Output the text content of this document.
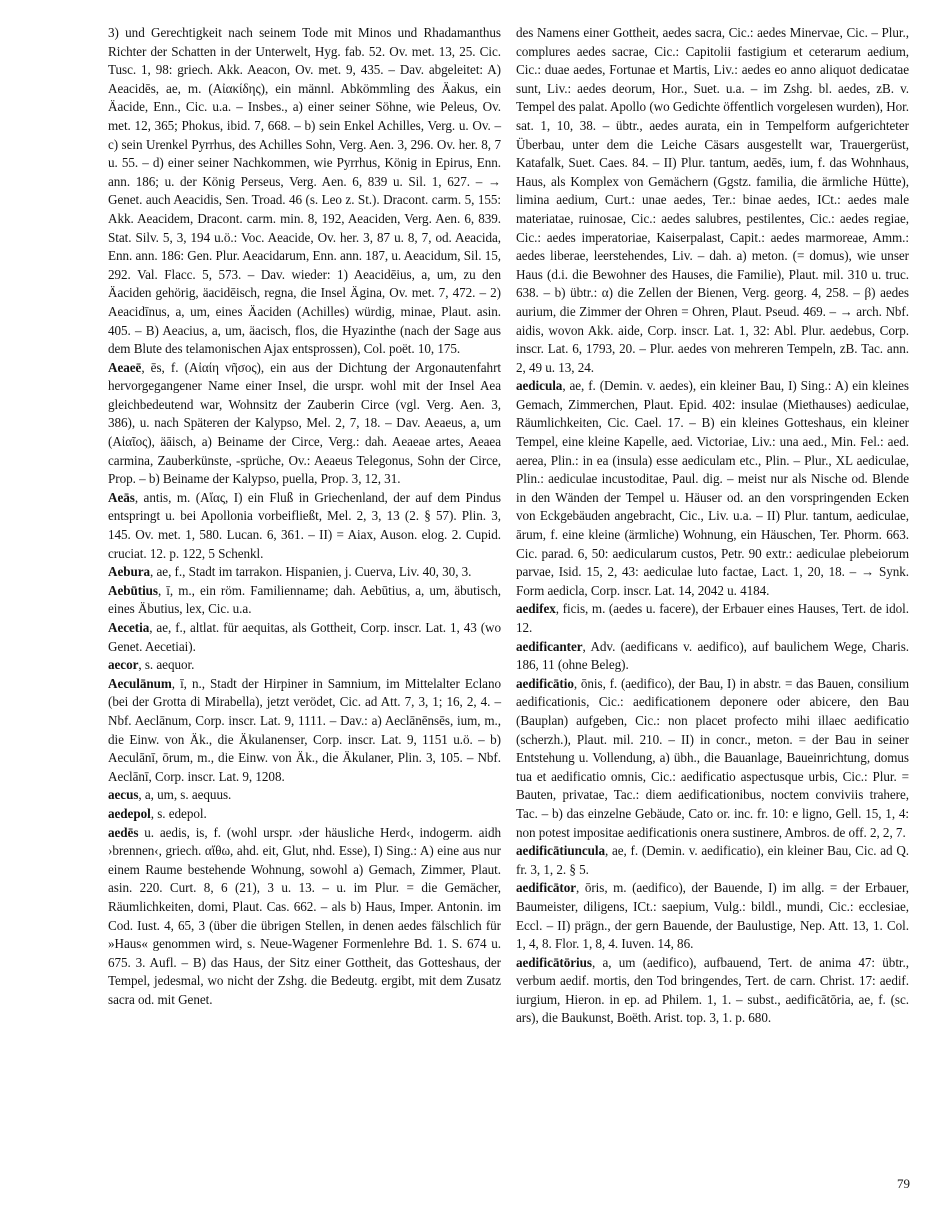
3) und Gerechtigkeit nach seinem Tode mit Minos und Rhadamanthus Richter der Schatten in der Unterwelt, Hyg. fab. 52. Ov. met. 13, 25. Cic. Tusc. 1, 98: griech. Akk. Aeacon, Ov. met. 9, 435. – Dav. abgeleitet: A) Aeacidēs, ae, m. (Αἰακίδης), ein männl. Abkömmling des Äakus, ein Äacide, Enn., Cic. u.a. – Insbes., a) einer seiner Söhne, wie Peleus, Ov. met. 12, 365; Phokus, ibid. 7, 668. – b) sein Enkel Achilles, Verg. u. Ov. – c) sein Urenkel Pyrrhus, des Achilles Sohn, Verg. Aen. 3, 296. Ov. her. 8, 7 u. 55. – d) einer seiner Nachkommen, wie Pyrrhus, König in Epirus, Enn. ann. 186; u. der König Perseus, Verg. Aen. 6, 839 u. Sil. 1, 627. – → Genet. auch Aeacidis, Sen. Troad. 46 (s. Leo z. St.). Dracont. carm. 5, 155: Akk. Aeacidem, Dracont. carm. min. 8, 192, Aeaciden, Verg. Aen. 6, 839. Stat. Silv. 5, 3, 194 u.ö.: Voc. Aeacide, Ov. her. 3, 87 u. 8, 7, od. Aeacida, Enn. ann. 186: Gen. Plur. Aeacidarum, Enn. ann. 187, u. Aeacidum, Sil. 15, 292. Val. Flacc. 5, 573. – Dav. wieder: 1) Aeacidēius, a, um, zu den Äaciden gehörig, äacidēisch, regna, die Insel Ägina, Ov. met. 7, 472. – 2) Aeacidīnus, a, um, eines Äaciden (Achilles) würdig, minae, Plaut. asin. 405. – B) Aeacius, a, um, äacisch, flos, die Hyazinthe (nach der Sage aus dem Blute des telamonischen Ajax entsprossen), Col. poët. 10, 175.

Aeaeē, ēs, f. (Αἰαίη νῆσος), ein aus der Dichtung der Argonautenfahrt hervorgegangener Name einer Insel, die urspr. wohl mit der Insel Aea gleichbedeutend war, Wohnsitz der Zauberin Circe (vgl. Verg. Aen. 3, 386), u. nach Späteren der Kalypso, Mel. 2, 7, 18. – Dav. Aeaeus, a, um (Αἰαῖος), äāisch, a) Beiname der Circe, Verg.: dah. Aeaeae artes, Aeaea carmina, Zauberkünste, -sprüche, Ov.: Aeaeus Telegonus, Sohn der Circe, Prop. – b) Beiname der Kalypso, puella, Prop. 3, 12, 31.

Aeās, antis, m. (Αἴας, I) ein Fluß in Griechenland, der auf dem Pindus entspringt u. bei Apollonia vorbeifließt, Mel. 2, 3, 13 (2. § 57). Plin. 3, 145. Ov. met. 1, 580. Lucan. 6, 361. – II) = Aiax, Auson. elog. 2. Cupid. cruciat. 12. p. 122, 5 Schenkl.

Aebura, ae, f., Stadt im tarrakon. Hispanien, j. Cuerva, Liv. 40, 30, 3.

Aebūtius, ī, m., ein röm. Familienname; dah. Aebūtius, a, um, äbutisch, eines Äbutius, lex, Cic. u.a.

Aecetia, ae, f., altlat. für aequitas, als Gottheit, Corp. inscr. Lat. 1, 43 (wo Genet. Aecetiai).

aecor, s. aequor.

Aeculānum, ī, n., Stadt der Hirpiner in Samnium, im Mittelalter Eclano (bei der Grotta di Mirabella), jetzt verödet, Cic. ad Att. 7, 3, 1; 16, 2, 4. – Nbf. Aeclānum, Corp. inscr. Lat. 9, 1111. – Dav.: a) Aeclānēnsēs, ium, m., die Einw. von Äk., die Äkulanenser, Corp. inscr. Lat. 9, 1151 u.ö. – b) Aeculānī, ōrum, m., die Einw. von Äk., die Äkulaner, Plin. 3, 105. – Nbf. Aeclānī, Corp. inscr. Lat. 9, 1208.

aecus, a, um, s. aequus.

aedepol, s. edepol.

aedēs u. aedis, is, f. (wohl urspr. ›der häusliche Herd‹, indogerm. aidh ›brennen‹, griech. αἴθω, ahd. eit, Glut, nhd. Esse), I) Sing.: A) eine aus nur einem Raume bestehende Wohnung, sowohl a) Gemach, Zimmer, Plaut. asin. 220. Curt. 8, 6 (21), 3 u. 13. – u. im Plur. = die Gemächer, Räumlichkeiten, domi, Plaut. Cas. 662. – als b) Haus, Imper. Antonin. im Cod. Iust. 4, 65, 3 (über die übrigen Stellen, in denen aedes fälschlich für »Haus« genommen wird, s. Neue-Wagener Formenlehre Bd. 1. S. 674 u. 675. 3. Aufl. – B) das Haus, der Sitz einer Gottheit, das Gotteshaus, der Tempel, jedesmal, wo nicht der Zshg. die Bedeutg. ergibt, mit dem Zusatz sacra od. mit Genet.

des Namens einer Gottheit, aedes sacra, Cic.: aedes Minervae, Cic. – Plur., complures aedes sacrae, Cic.: Capitolii fastigium et ceterarum aedium, Cic.: duae aedes, Fortunae et Martis, Liv.: aedes eo anno aliquot dedicatae sunt, Liv.: aedes deorum, Hor., Suet. u.a. – im Zshg. bl. aedes, zB. v. Tempel des palat. Apollo (wo Gedichte öffentlich vorgelesen wurden), Hor. sat. 1, 10, 38. – übtr., aedes aurata, ein in Tempelform aufgerichteter Überbau, unter dem die Leiche Cäsars ausgestellt war, Trauergerüst, Katafalk, Suet. Caes. 84. – II) Plur. tantum, aedēs, ium, f. das Wohnhaus, Haus, als Komplex von Gemächern (Ggstz. familia, die ärmliche Hütte), limina aedium, Curt.: unae aedes, Ter.: binae aedes, ICt.: aedes male materiatae, ruinosae, Cic.: aedes salubres, pestilentes, Cic.: aedes regiae, Cic.: aedes imperatoriae, Kaiserpalast, Capit.: aedes marmoreae, Amm.: aedes liberae, leerstehendes, Liv. – dah. a) meton. (= domus), wie unser Haus (d.i. die Bewohner des Hauses, die Familie), Plaut. mil. 310 u. truc. 638. – b) übtr.: α) die Zellen der Bienen, Verg. georg. 4, 258. – β) aedes aurium, die Zimmer der Ohren = Ohren, Plaut. Pseud. 469. – → arch. Nbf. aidis, wovon Akk. aide, Corp. inscr. Lat. 1, 32: Abl. Plur. aedebus, Corp. inscr. Lat. 6, 1793, 20. – Plur. aedes von mehreren Tempeln, zB. Tac. ann. 2, 49 u. 13, 24.

aedicula, ae, f. (Demin. v. aedes), ein kleiner Bau, I) Sing.: A) ein kleines Gemach, Zimmerchen, Plaut. Epid. 402: insulae (Miethauses) aediculae, Räumlichkeiten, Cic. Cael. 17. – B) ein kleines Gotteshaus, ein kleiner Tempel, eine kleine Kapelle, aed. Victoriae, Liv.: una aed., Min. Fel.: aed. aerea, Plin.: in ea (insula) esse aediculam etc., Plin. – Plur., XL aediculae, Plin.: aediculae incustoditae, Paul. dig. – meist nur als Nische od. Blende in den Wänden der Tempel u. Häuser od. an den vorspringenden Ecken von Eckgebäuden angebracht, Cic., Liv. u.a. – II) Plur. tantum, aediculae, ārum, f. eine kleine (ärmliche) Wohnung, ein Häuschen, Ter. Phorm. 663. Cic. parad. 6, 50: aedicularum custos, Petr. 90 extr.: aediculae plebeiorum parvae, Isid. 15, 2, 43: aediculae luto factae, Lact. 1, 20, 18. – → Synk. Form aedicla, Corp. inscr. Lat. 14, 2042 u. 4184.

aedifex, ficis, m. (aedes u. facere), der Erbauer eines Hauses, Tert. de idol. 12.

aedificanter, Adv. (aedificans v. aedifico), auf baulichem Wege, Charis. 186, 11 (ohne Beleg).

aedificātio, ōnis, f. (aedifico), der Bau, I) in abstr. = das Bauen, consilium aedificationis, Cic.: aedificationem deponere oder abicere, den Bau (Bauplan) aufgeben, Cic.: non placet profecto mihi illaec aedificatio (scherzh.), Plaut. mil. 210. – II) in concr., meton. = der Bau in seiner Entstehung u. Vollendung, a) übh., die Bauanlage, Baueinrichtung, domus tua et aedificatio omnis, Cic.: aedificatio aspectusque urbis, Cic.: Plur. = Bauten, privatae, Tac.: diem aedificationibus, noctem conviviis trahere, Tac. – b) das einzelne Gebäude, Cato or. inc. fr. 10: e ligno, Gell. 15, 1, 4: non potest impositae aedificationis onera sustinere, Ambros. de off. 2, 2, 7.

aedificātiuncula, ae, f. (Demin. v. aedificatio), ein kleiner Bau, Cic. ad Q. fr. 3, 1, 2. § 5.

aedificātor, ōris, m. (aedifico), der Bauende, I) im allg. = der Erbauer, Baumeister, diligens, ICt.: saepium, Vulg.: bildl., mundi, Cic.: ecclesiae, Eccl. – II) prägn., der gern Bauende, der Baulustige, Nep. Att. 13, 1. Col. 1, 4, 8. Flor. 1, 8, 4. Iuven. 14, 86.

aedificātōrius, a, um (aedifico), aufbauend, Tert. de anima 47: übtr., verbum aedif. mortis, den Tod bringendes, Tert. de carn. Christ. 17: aedif. iurgium, Hieron. in ep. ad Philem. 1, 1. – subst., aedificātōria, ae, f. (sc. ars), die Baukunst, Boëth. Arist. top. 3, 1. p. 680.

79
